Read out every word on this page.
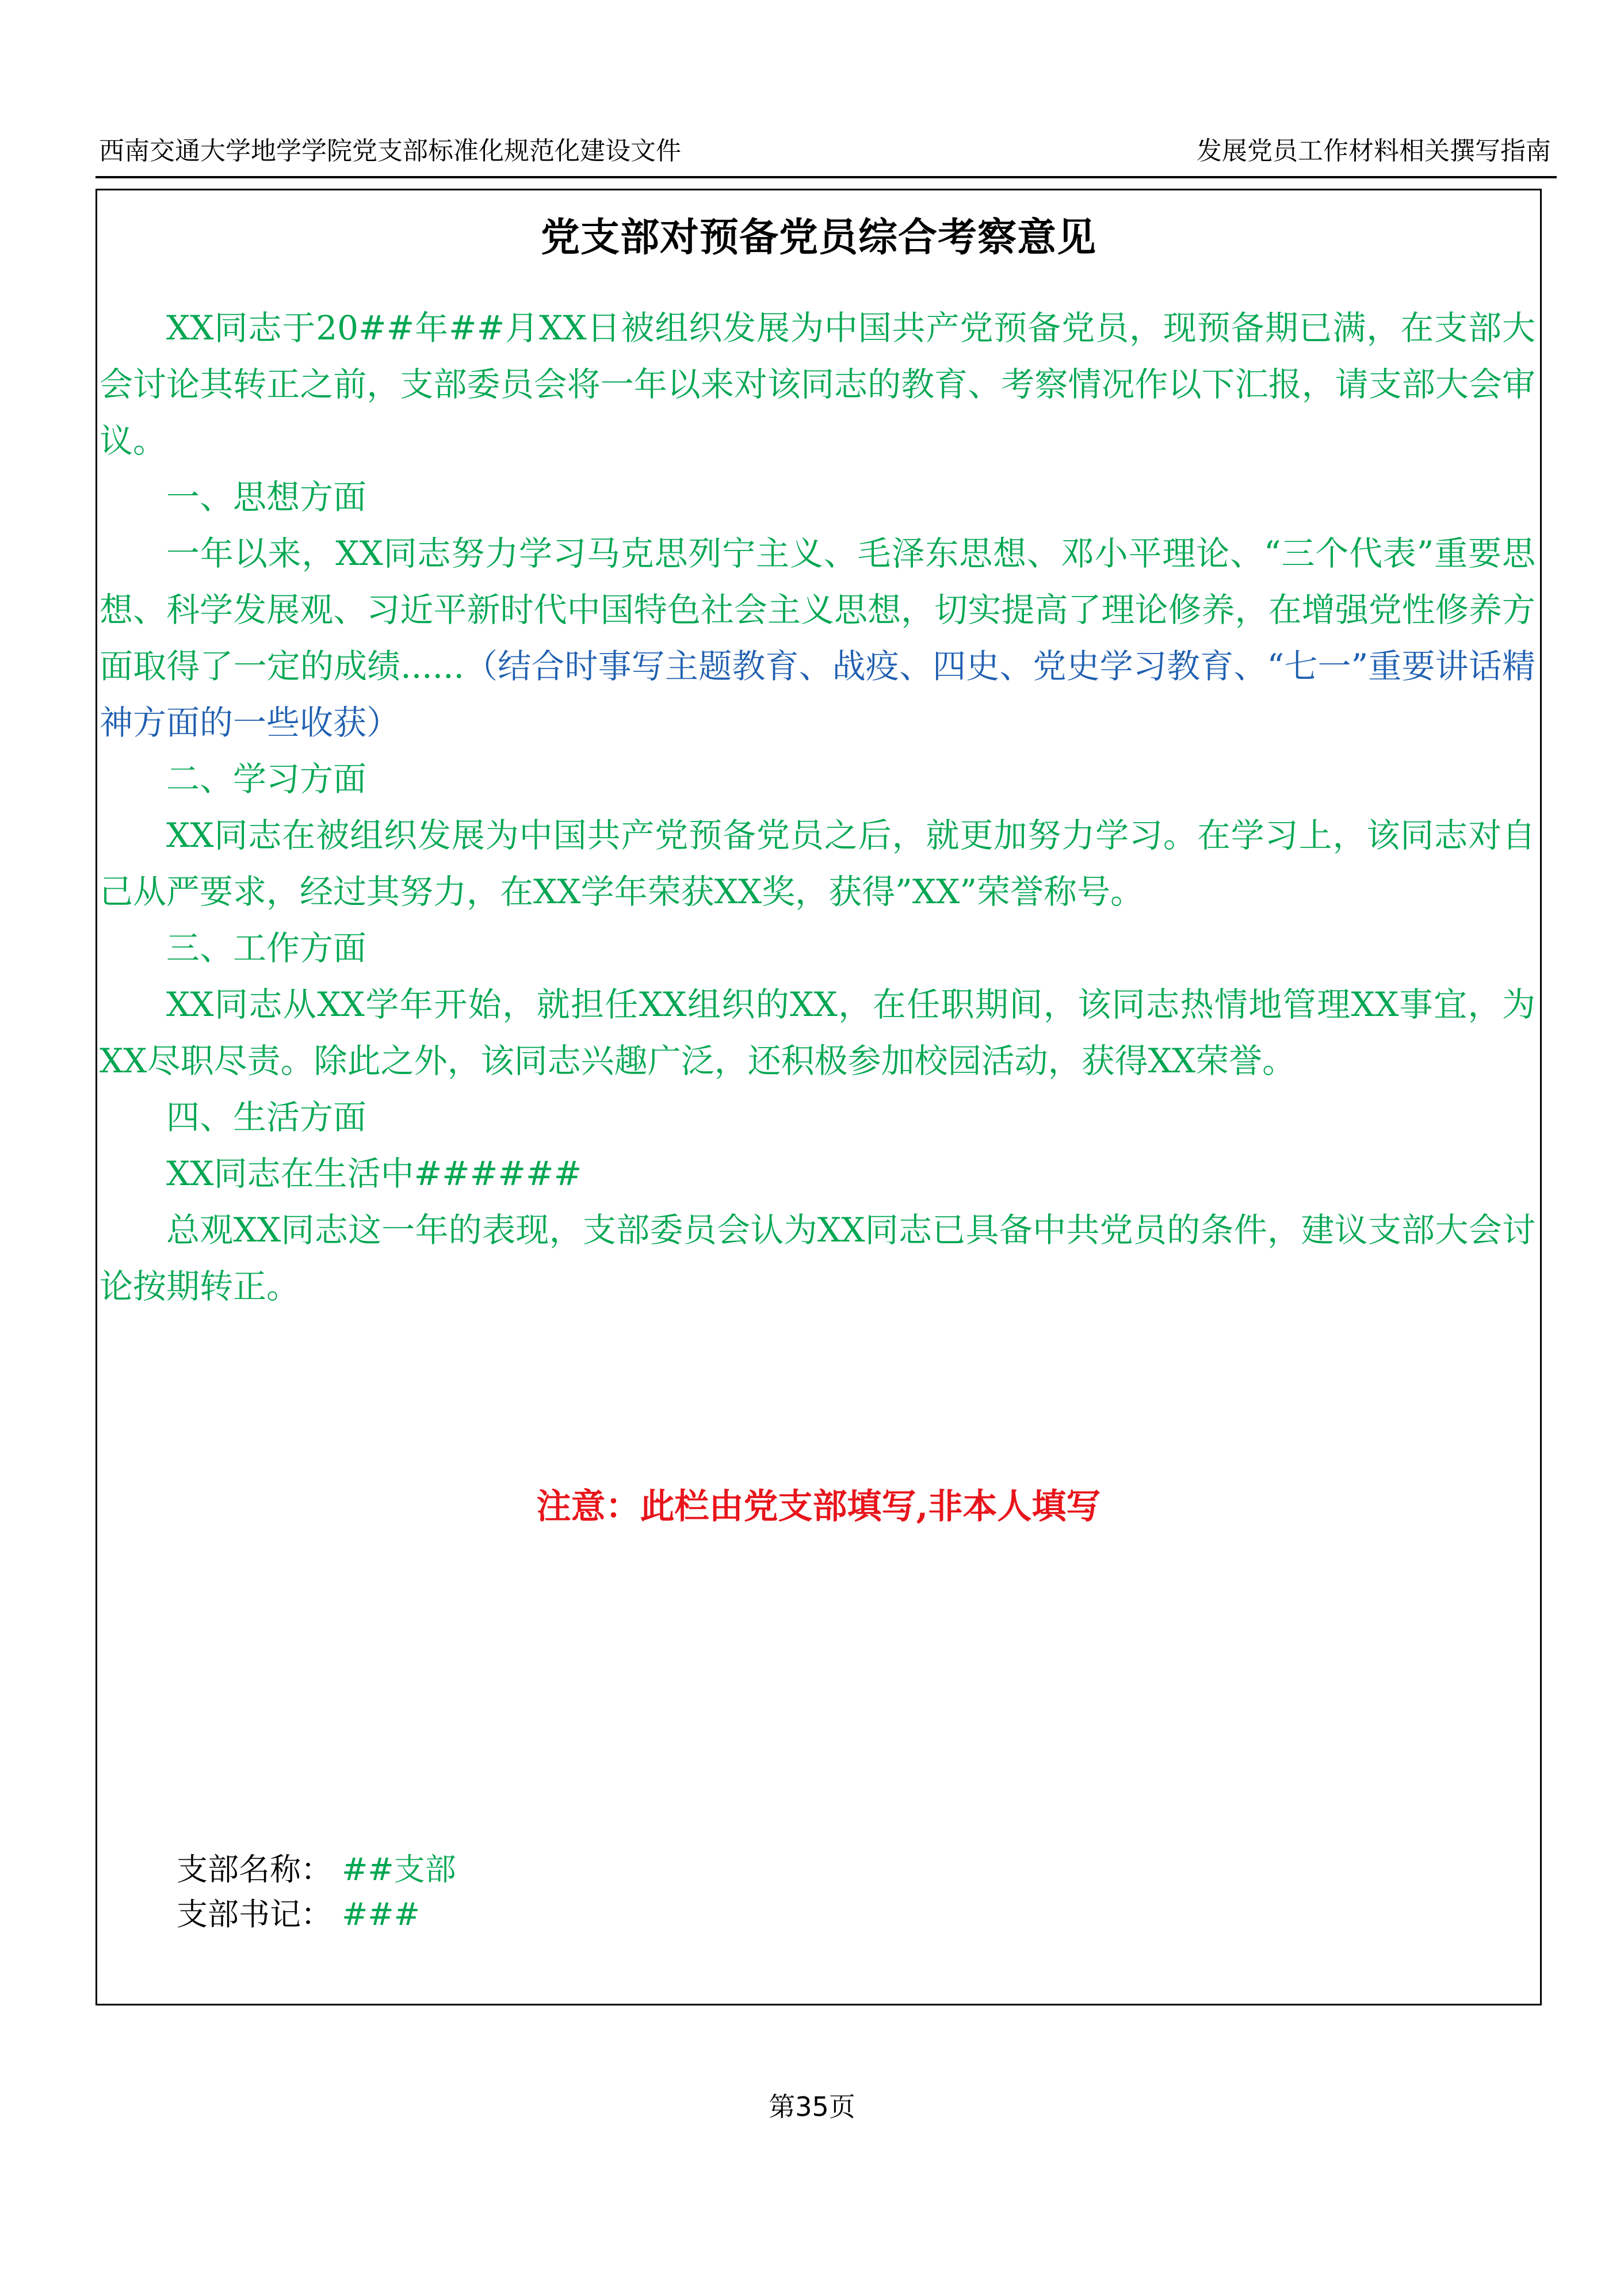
西南交通大学地学学院党支部标准化规范化建设文件	发展党员工作材料相关撰写指南
党支部对预备党员综合考察意见

XX同志于20##年##月XX日被组织发展为中国共产党预备党员，现预备期已满，在支部大会讨论其转正之前，支部委员会将一年以来对该同志的教育、考察情况作以下汇报，请支部大会审议。

一、思想方面

一年以来，XX同志努力学习马克思列宁主义、毛泽东思想、邓小平理论、“三个代表”重要思想、科学发展观、习近平新时代中国特色社会主义思想，切实提高了理论修养，在增强党性修养方面取得了一定的成绩......（结合时事写主题教育、战疫、四史、党史学习教育、“七一”重要讲话精神方面的一些收获）

二、学习方面

XX同志在被组织发展为中国共产党预备党员之后，就更加努力学习。在学习上，该同志对自己从严要求，经过其努力，在XX学年荣获XX奖，获得”XX”荣誉称号。

三、工作方面

XX同志从XX学年开始，就担任XX组织的XX，在任职期间，该同志热情地管理XX事宜，为XX尽职尽责。除此之外，该同志兴趣广泛，还积极参加校园活动，获得XX荣誉。

四、生活方面

XX同志在生活中######

总观XX同志这一年的表现，支部委员会认为XX同志已具备中共党员的条件，建议支部大会讨论按期转正。

注意：此栏由党支部填写,非本人填写
支部名称： ##支部
支部书记： ###
第35页
